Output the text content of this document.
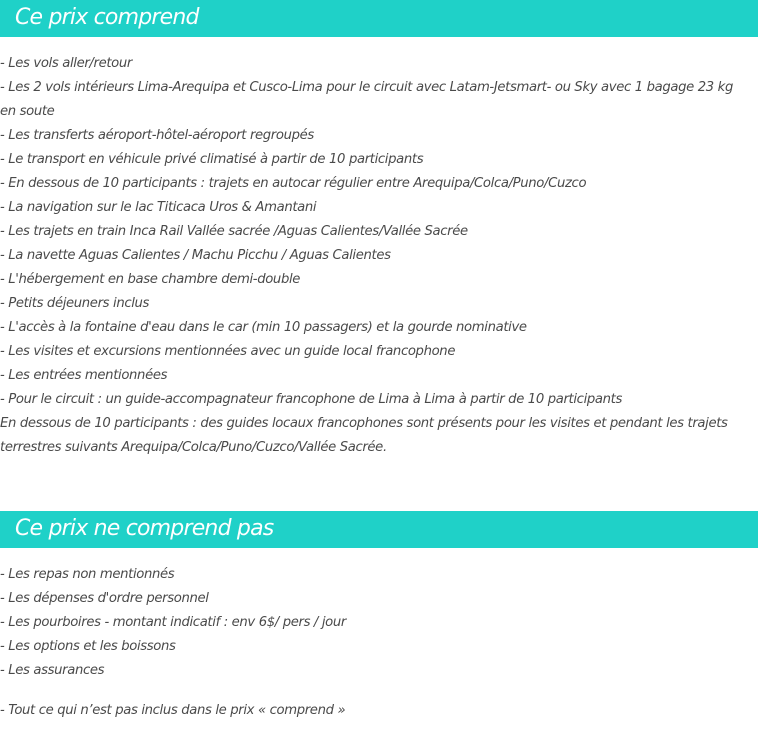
Ce prix comprend
- Les vols aller/retour
- Les 2 vols intérieurs Lima-Arequipa et Cusco-Lima pour le circuit avec Latam-Jetsmart- ou Sky avec 1 bagage 23 kg en soute
- Les transferts aéroport-hôtel-aéroport regroupés
- Le transport en véhicule privé climatisé à partir de 10 participants
- En dessous de 10 participants : trajets en autocar régulier entre Arequipa/Colca/Puno/Cuzco
- La navigation sur le lac Titicaca Uros & Amantani
- Les trajets en train Inca Rail Vallée sacrée /Aguas Calientes/Vallée Sacrée
- La navette Aguas Calientes / Machu Picchu / Aguas Calientes
- L'hébergement en base chambre demi-double
- Petits déjeuners inclus
- L'accès à la fontaine d'eau dans le car (min 10 passagers) et la gourde nominative
- Les visites et excursions mentionnées avec un guide local francophone
- Les entrées mentionnées
- Pour le circuit : un guide-accompagnateur francophone de Lima à Lima à partir de 10 participants
En dessous de 10 participants : des guides locaux francophones sont présents pour les visites et pendant les trajets terrestres suivants Arequipa/Colca/Puno/Cuzco/Vallée Sacrée.
Ce prix ne comprend pas
- Les repas non mentionnés
- Les dépenses d'ordre personnel
- Les pourboires - montant indicatif : env 6$/ pers / jour
- Les options et les boissons
- Les assurances
- Tout ce qui n’est pas inclus dans le prix « comprend »
